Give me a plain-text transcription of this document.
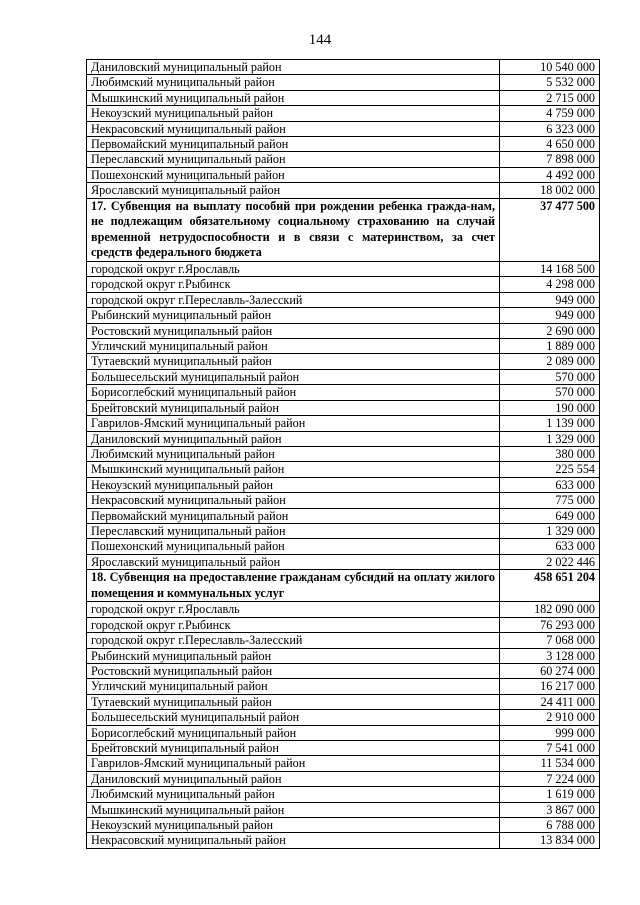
144
Даниловский муниципальный район	10 540 000
Любимский муниципальный район	5 532 000
Мышкинский муниципальный район	2 715 000
Некоузский муниципальный район	4 759 000
Некрасовский муниципальный район	6 323 000
Первомайский муниципальный район	4 650 000
Переславский муниципальный район	7 898 000
Пошехонский муниципальный район	4 492 000
Ярославский муниципальный район	18 002 000
17. Субвенция на выплату пособий при рождении ребенка гражда-нам, не подлежащим обязательному социальному страхованию на случай временной нетрудоспособности и в связи с материнством, за счет средств федерального бюджета	37 477 500
городской округ г.Ярославль	14 168 500
городской округ г.Рыбинск	4 298 000
городской округ г.Переславль-Залесский	949 000
Рыбинский муниципальный район	949 000
Ростовский муниципальный район	2 690 000
Угличский муниципальный район	1 889 000
Тутаевский муниципальный район	2 089 000
Большесельский муниципальный район	570 000
Борисоглебский муниципальный район	570 000
Брейтовский муниципальный район	190 000
Гаврилов-Ямский муниципальный район	1 139 000
Даниловский муниципальный район	1 329 000
Любимский муниципальный район	380 000
Мышкинский муниципальный район	225 554
Некоузский муниципальный район	633 000
Некрасовский муниципальный район	775 000
Первомайский муниципальный район	649 000
Переславский муниципальный район	1 329 000
Пошехонский муниципальный район	633 000
Ярославский муниципальный район	2 022 446
18. Субвенция на предоставление гражданам субсидий на оплату жилого помещения и коммунальных услуг	458 651 204
городской округ г.Ярославль	182 090 000
городской округ г.Рыбинск	76 293 000
городской округ г.Переславль-Залесский	7 068 000
Рыбинский муниципальный район	3 128 000
Ростовский муниципальный район	60 274 000
Угличский муниципальный район	16 217 000
Тутаевский муниципальный район	24 411 000
Большесельский муниципальный район	2 910 000
Борисоглебский муниципальный район	999 000
Брейтовский муниципальный район	7 541 000
Гаврилов-Ямский муниципальный район	11 534 000
Даниловский муниципальный район	7 224 000
Любимский муниципальный район	1 619 000
Мышкинский муниципальный район	3 867 000
Некоузский муниципальный район	6 788 000
Некрасовский муниципальный район	13 834 000
